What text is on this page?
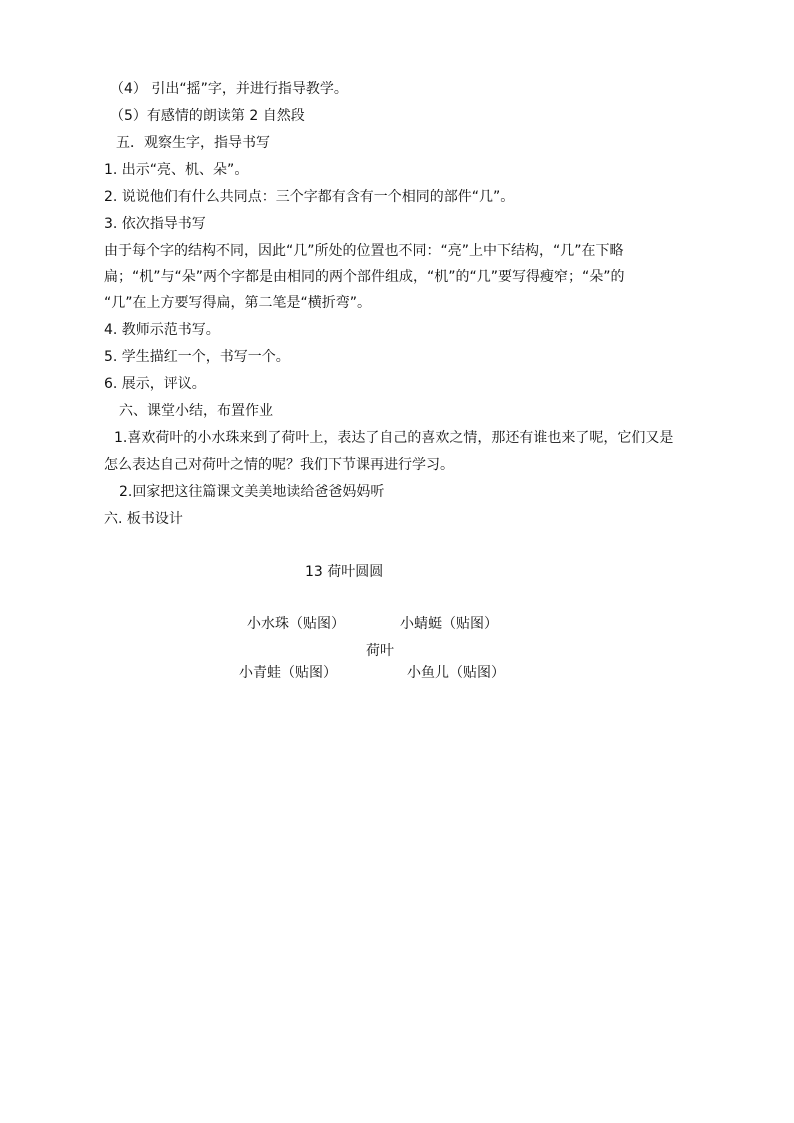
（4） 引出“摇”字，并进行指导教学。
（5）有感情的朗读第 2 自然段
五．观察生字，指导书写
1. 出示“亮、机、朵”。
2. 说说他们有什么共同点：三个字都有含有一个相同的部件“几”。
3. 依次指导书写
由于每个字的结构不同，因此“几”所处的位置也不同：“亮”上中下结构，“几”在下略
扁；“机”与“朵”两个字都是由相同的两个部件组成，“机”的“几”要写得瘦窄；“朵”的
“几”在上方要写得扁，第二笔是“横折弯”。
4. 教师示范书写。
5. 学生描红一个，书写一个。
6. 展示，评议。
六、课堂小结，布置作业
1.喜欢荷叶的小水珠来到了荷叶上，表达了自己的喜欢之情，那还有谁也来了呢，它们又是
怎么表达自己对荷叶之情的呢？我们下节课再进行学习。
2.回家把这往篇课文美美地读给爸爸妈妈听
六. 板书设计
13 荷叶圆圆
小水珠（贴图）	小蜻蜓（贴图）
荷叶
小青蛙（贴图）	小鱼儿（贴图）
